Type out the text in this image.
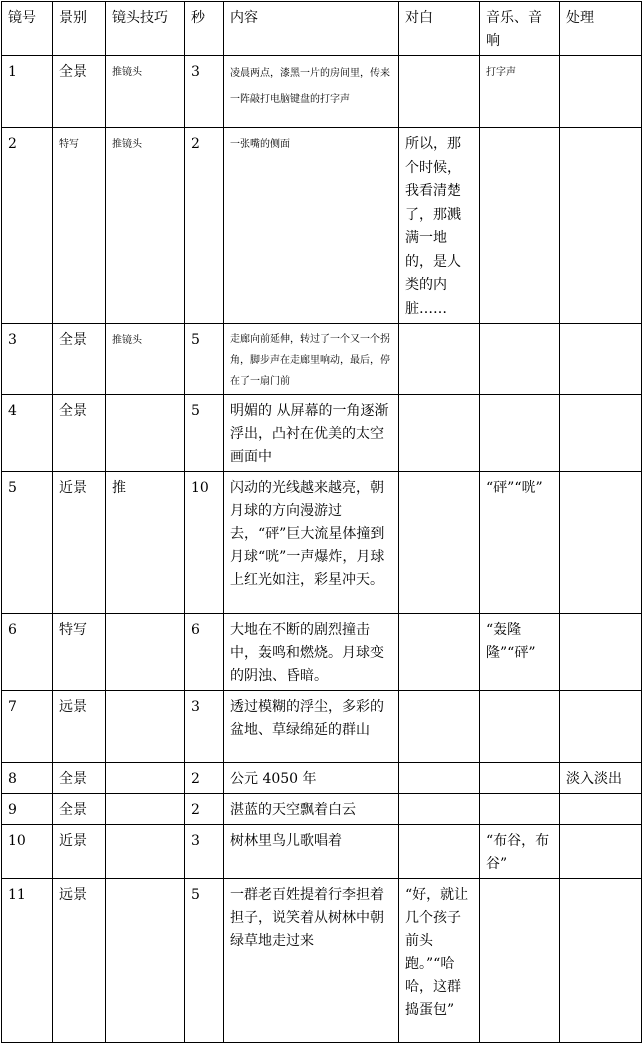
镜号	景别	镜头技巧	秒	内容	对白	音乐、音响	处理
1	全景	推镜头	3	凌晨两点，漆黑一片的房间里，传来一阵敲打电脑键盘的打字声		打字声	
2	特写	推镜头	2	一张嘴的侧面	所以，那个时候，我看清楚了，那溅满一地的，是人类的内脏……		
3	全景	推镜头	5	走廊向前延伸，转过了一个又一个拐角，脚步声在走廊里响动，最后，停在了一扇门前			
4	全景		5	明媚的 从屏幕的一角逐渐浮出，凸衬在优美的太空画面中			
5	近景	推	10	闪动的光线越来越亮，朝月球的方向漫游过去，“砰”巨大流星体撞到月球“咣”一声爆炸，月球上红光如注，彩星冲天。		“砰”“咣”	
6	特写		6	大地在不断的剧烈撞击中，轰鸣和燃烧。月球变的阴浊、昏暗。		“轰隆隆”“砰”	
7	远景		3	透过模糊的浮尘，多彩的盆地、草绿绵延的群山			
8	全景		2	公元 4050 年			淡入淡出
9	全景		2	湛蓝的天空飘着白云			
10	近景		3	树林里鸟儿歌唱着		“布谷，布谷”	
11	远景		5	一群老百姓提着行李担着担子，说笑着从树林中朝绿草地走过来	“好，就让几个孩子前头跑。”“哈哈，这群捣蛋包”		
